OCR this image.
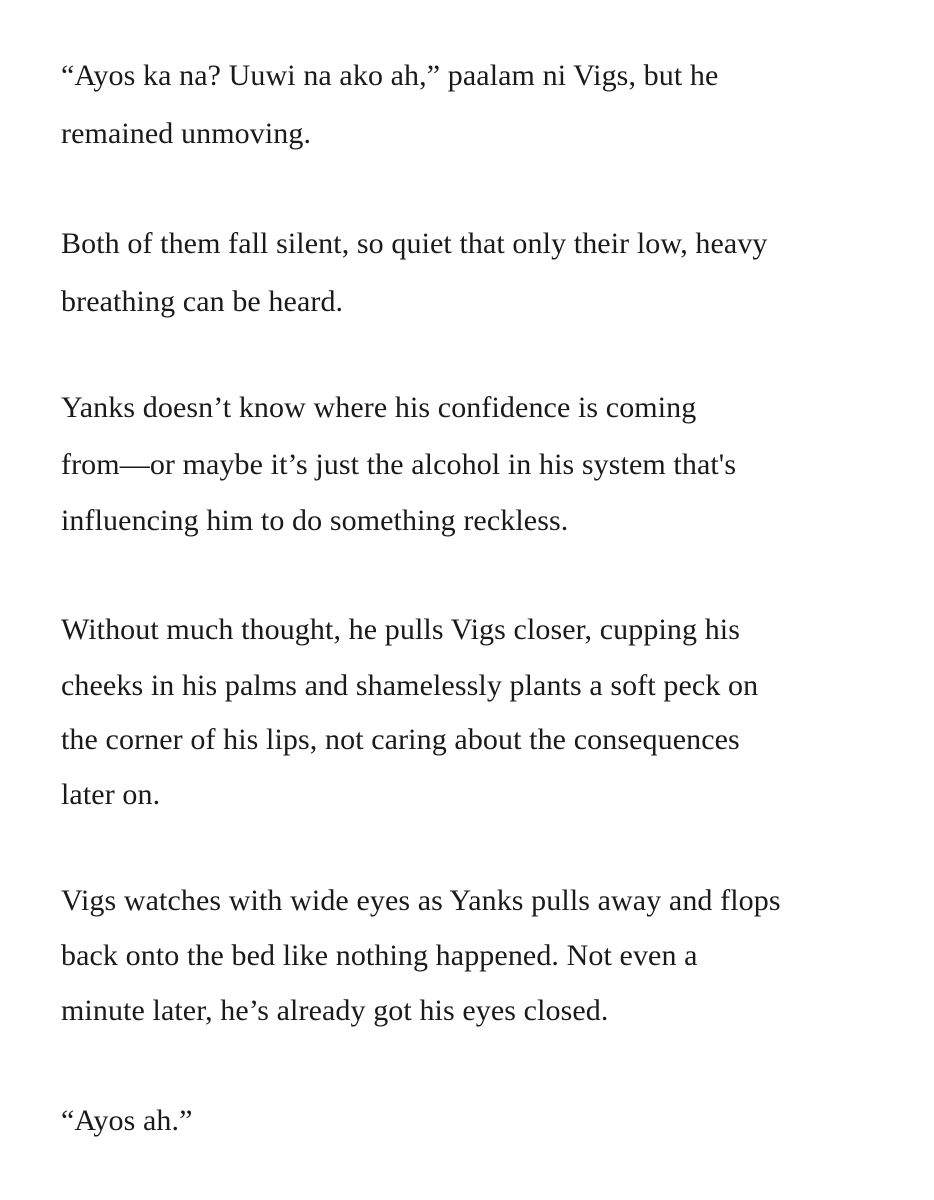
“Ayos ka na? Uuwi na ako ah,” paalam ni Vigs, but he

remained unmoving.

Both of them fall silent, so quiet that only their low, heavy

breathing can be heard.

Yanks doesn’t know where his confidence is coming

from—or maybe it’s just the alcohol in his system that's

influencing him to do something reckless.

Without much thought, he pulls Vigs closer, cupping his

cheeks in his palms and shamelessly plants a soft peck on

the corner of his lips, not caring about the consequences

later on.

Vigs watches with wide eyes as Yanks pulls away and flops

back onto the bed like nothing happened. Not even a

minute later, he’s already got his eyes closed.

“Ayos ah.”
